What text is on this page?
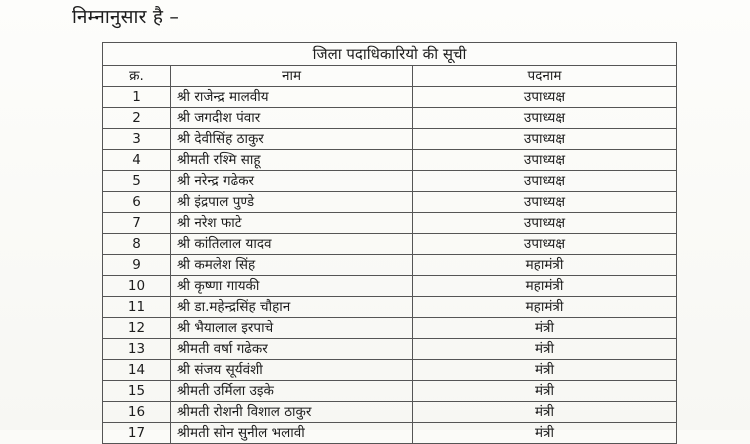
निम्नानुसार है –
जिला पदाधिकारियो की सूची		
क्र.	नाम	पदनाम
1	श्री राजेन्द्र मालवीय	उपाध्यक्ष
2	श्री जगदीश पंवार	उपाध्यक्ष
3	श्री देवीसिंह ठाकुर	उपाध्यक्ष
4	श्रीमती रश्मि साहू	उपाध्यक्ष
5	श्री नरेन्द्र गढेकर	उपाध्यक्ष
6	श्री इंद्रपाल पुण्डे	उपाध्यक्ष
7	श्री नरेश फाटे	उपाध्यक्ष
8	श्री कांतिलाल यादव	उपाध्यक्ष
9	श्री कमलेश सिंह	महामंत्री
10	श्री कृष्णा गायकी	महामंत्री
11	श्री डा.महेन्द्रसिंह चौहान	महामंत्री
12	श्री भैयालाल इरपाचे	मंत्री
13	श्रीमती वर्षा गढेकर	मंत्री
14	श्री संजय सूर्यवंशी	मंत्री
15	श्रीमती उर्मिला उइके	मंत्री
16	श्रीमती रोशनी विशाल ठाकुर	मंत्री
17	श्रीमती सोन सुनील भलावी	मंत्री
